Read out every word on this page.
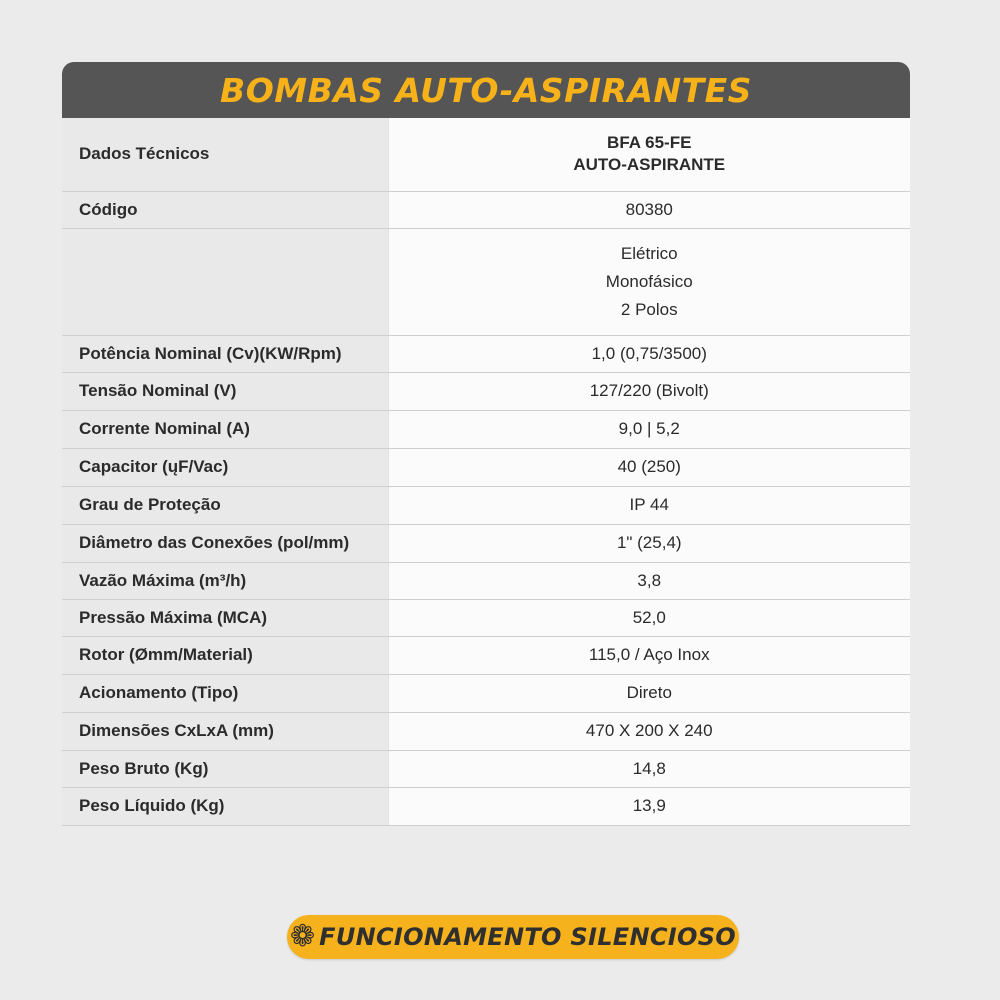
BOMBAS AUTO-ASPIRANTES
Dados Técnicos	BFA 65-FE
AUTO-ASPIRANTE

Código	80380

	Elétrico
Monofásico
2 Polos

Potência Nominal (Cv)(KW/Rpm)	1,0 (0,75/3500)
Tensão Nominal (V)	127/220 (Bivolt)
Corrente Nominal (A)	9,0 | 5,2
Capacitor (ųF/Vac)	40 (250)
Grau de Proteção	IP 44
Diâmetro das Conexões (pol/mm)	1" (25,4)
Vazão Máxima (m³/h)	3,8
Pressão Máxima (MCA)	52,0
Rotor (Ømm/Material)	115,0 / Aço Inox
Acionamento (Tipo)	Direto
Dimensões CxLxA (mm)	470 X 200 X 240
Peso Bruto (Kg)	14,8
Peso Líquido (Kg)	13,9
❁ FUNCIONAMENTO SILENCIOSO
